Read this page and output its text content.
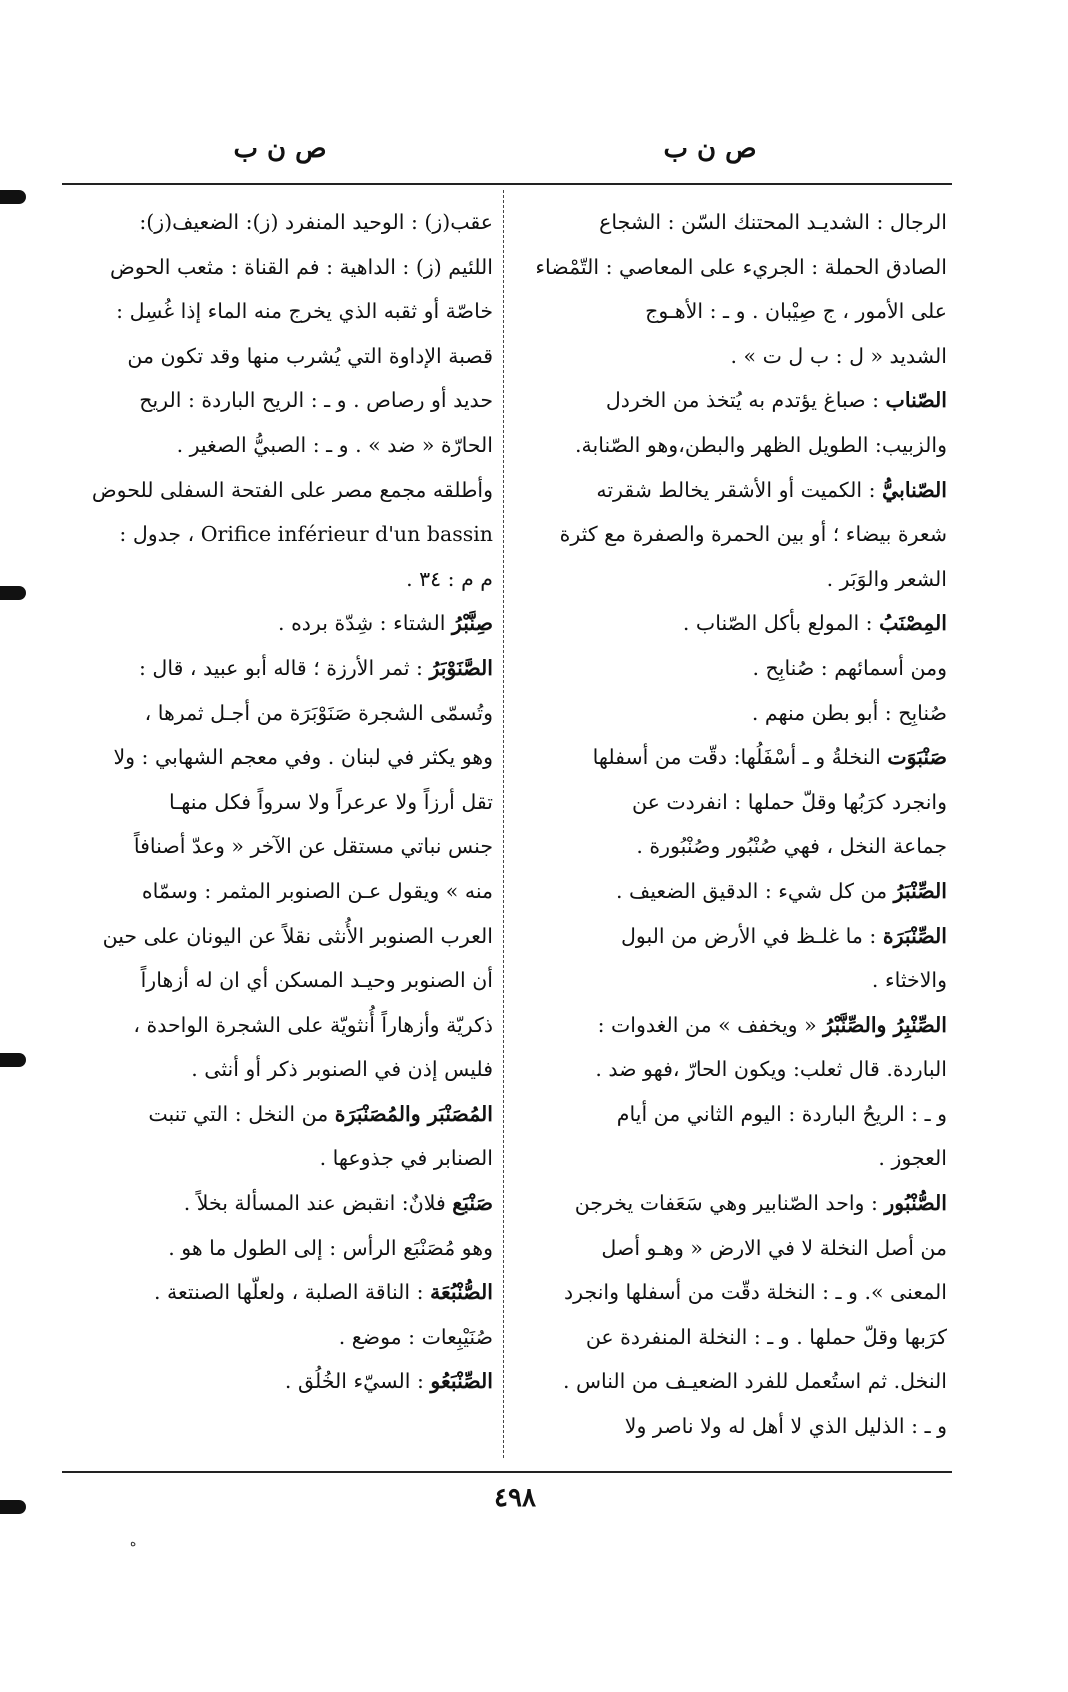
ص ن ب
ص ن ب
الرجال : الشديـد المحتنك السّن : الشجاع
الصادق الحملة : الجريء على المعاصي : التّمْضاء
على الأمور ، ج صِيْبان . و ـ : الأهـوج
الشديد « ل : ب ل ت » .
الصّناب : صباغ يؤتدم به يُتخذ من الخردل
والزبيب: الطويل الظهر والبطن،وهو الصّنابة.
الصّنابيُّ : الكميت أو الأشقر يخالط شقرته
شعرة بيضاء ؛ أو بين الحمرة والصفرة مع كثرة
الشعر والوَبَر .
المِصْنَبُ : المولع بأكل الصّناب .
ومن أسمائهم : صُنابِح .
صُنابِح : أبو بطن منهم .
صَنْبَوَت النخلةُ و ـ أسْفَلُها: دقّت من أسفلها
وانجرد كرَبُها وقلّ حملها : انفردت عن
جماعة النخل ، فهي صُنْبُور وصُنْبُورة .
الصِّنْبَرُ من كل شيء : الدقيق الضعيف .
الصِّنْبَرَة : ما غلـظ في الأرض من البول
والاخثاء .
الصِّنْبِرُ والصِّنَّبْرُ « ويخفف » من الغدوات :
الباردة. قال ثعلب: ويكون الحارّ ،فهو ضد .
و ـ : الريحُ الباردة : اليوم الثاني من أيام
العجوز .
الصُّنْبُور : واحد الصّنابير وهي سَعَفات يخرجن
من أصل النخلة لا في الارض « وهـو أصل
المعنى ». و ـ : النخلة دقّت من أسفلها وانجرد
كرَبها وقلّ حملها . و ـ : النخلة المنفردة عن
النخل. ثم استُعمل للفرد الضعيـف من الناس .
و ـ : الذليل الذي لا أهل له ولا ناصر ولا
عقب(ز) : الوحيد المنفرد (ز): الضعيف(ز):
اللئيم (ز) : الداهية : فم القناة : مثعب الحوض
خاصّة أو ثقبه الذي يخرج منه الماء إذا غُسِل :
قصبة الإداوة التي يُشرب منها وقد تكون من
حديد أو رصاص . و ـ : الريح الباردة : الريح
الحارّة « ضد » . و ـ : الصبيُّ الصغير .
وأطلقه مجمع مصر على الفتحة السفلى للحوض
Orifice inférieur d'un bassin ، جدول :
م م : ٣٤ .
صِنَّبْرُ الشتاء : شِدّة برده .
الصَّنَوْبَرُ : ثمر الأرزة ؛ قاله أبو عبيد ، قال :
وتُسمّى الشجرة صَنَوْبَرَة من أجـل ثمرها ،
وهو يكثر في لبنان . وفي معجم الشهابي : ولا
تقل أرزاً ولا عرعراً ولا سرواً فكل منهـا
جنس نباتي مستقل عن الآخر « وعدّ أصنافاً
منه » ويقول عـن الصنوبر المثمر : وسمّاه
العرب الصنوبر الأُنثى نقلاً عن اليونان على حين
أن الصنوبر وحيـد المسكن أي ان له أزهاراً
ذكريّة وأزهاراً أُنثويّة على الشجرة الواحدة ،
فليس إذن في الصنوبر ذكر أو أنثى .
المُصَنْبَر والمُصَنْبَرَة من النخل : التي تنبت
الصنابر في جذوعها .
صَنْبَع فلانٌ: انقبض عند المسألة بخلاً .
وهو مُصَنْبَع الرأس : إلى الطول ما هو .
الصُّنْبُعَة : الناقة الصلبة ، ولعلّها الصنتعة .
صُنَيْبِعات : موضع .
الصِّنْبَعُو : السيّء الخُلُق .
٤٩٨
ه
